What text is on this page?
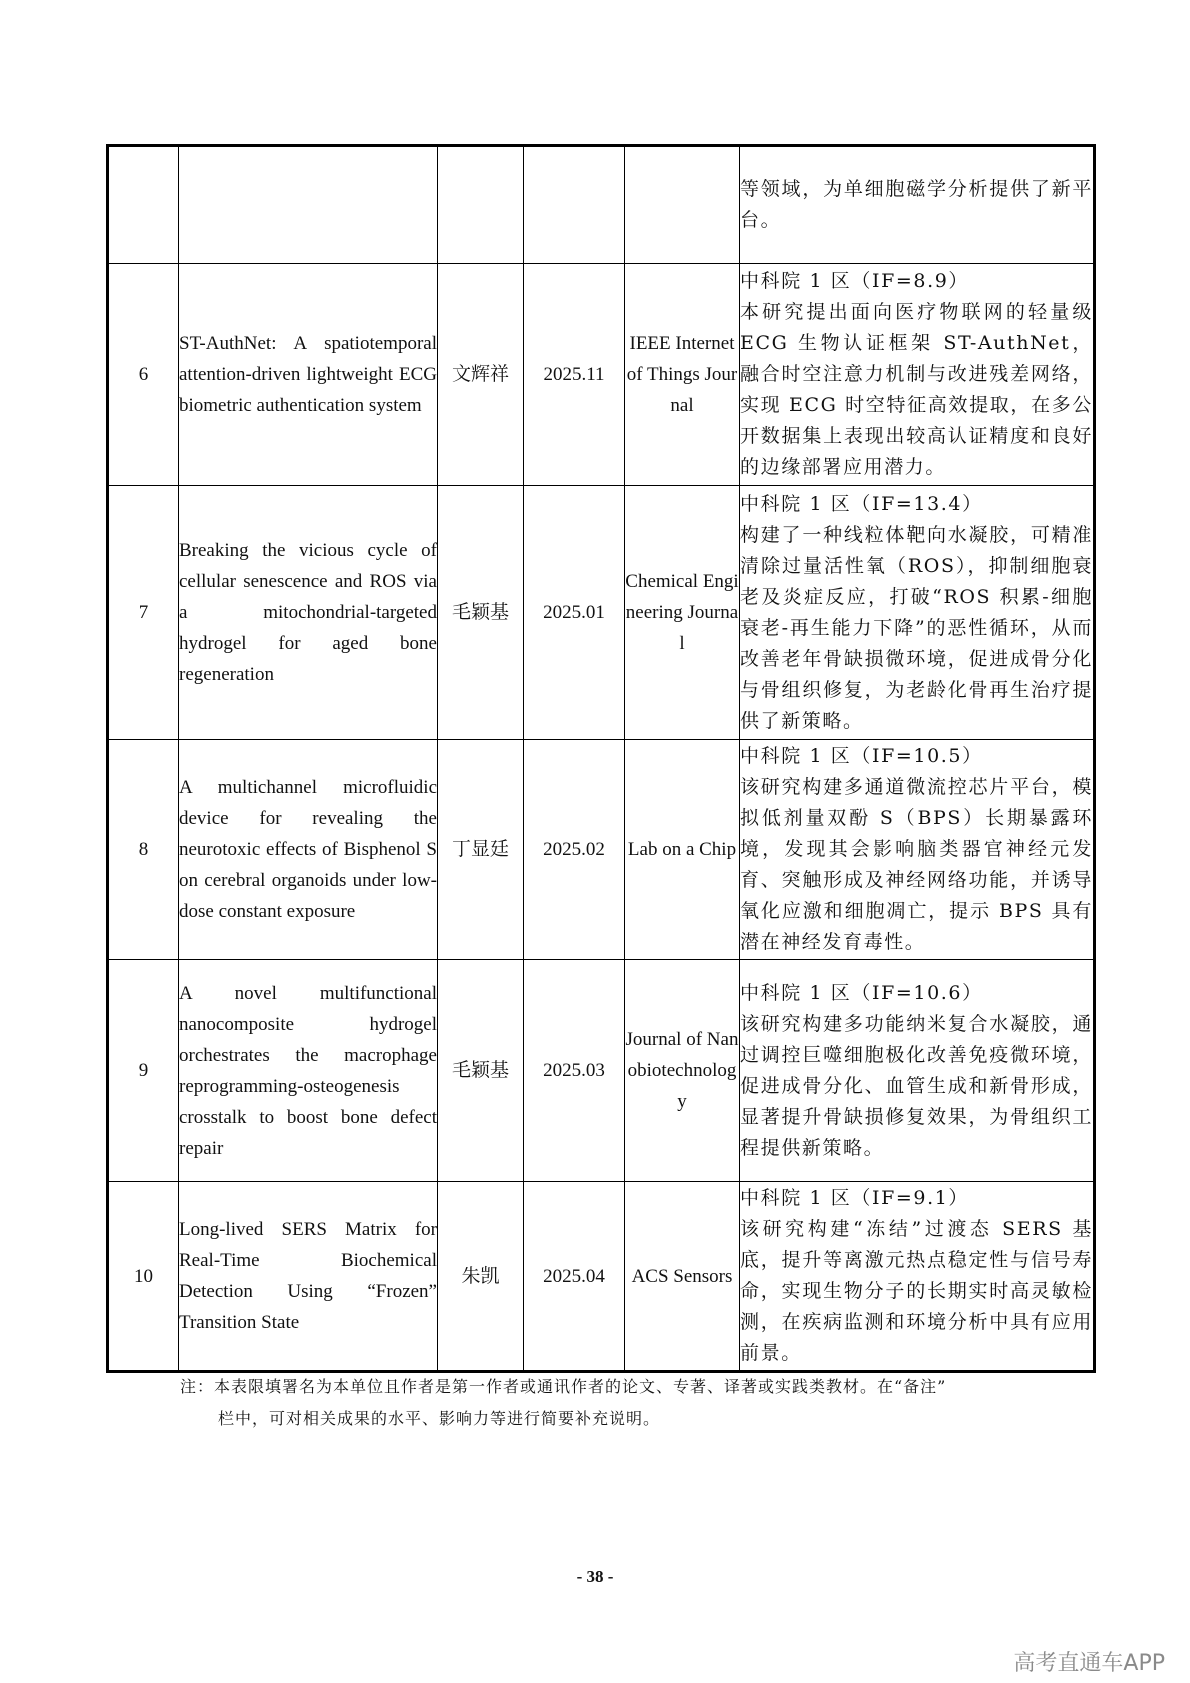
					等领域，为单细胞磁学分析提供了新平台。

6	ST-AuthNet: A spatiotemporal attention-driven lightweight ECG biometric authentication system	文辉祥	2025.11	IEEE Internet of Things Journal	中科院 1 区（IF=8.9）
本研究提出面向医疗物联网的轻量级 ECG 生物认证框架 ST-AuthNet，融合时空注意力机制与改进残差网络，实现 ECG 时空特征高效提取，在多公开数据集上表现出较高认证精度和良好的边缘部署应用潜力。

7	Breaking the vicious cycle of cellular senescence and ROS via a mitochondrial-targeted hydrogel for aged bone regeneration	毛颖基	2025.01	Chemical Engineering Journal	中科院 1 区（IF=13.4）
构建了一种线粒体靶向水凝胶，可精准清除过量活性氧（ROS），抑制细胞衰老及炎症反应，打破“ROS 积累-细胞衰老-再生能力下降”的恶性循环，从而改善老年骨缺损微环境，促进成骨分化与骨组织修复，为老龄化骨再生治疗提供了新策略。

8	A multichannel microfluidic device for revealing the neurotoxic effects of Bisphenol S on cerebral organoids under low-dose constant exposure	丁显廷	2025.02	Lab on a Chip	中科院 1 区（IF=10.5）
该研究构建多通道微流控芯片平台，模拟低剂量双酚 S（BPS）长期暴露环境，发现其会影响脑类器官神经元发育、突触形成及神经网络功能，并诱导氧化应激和细胞凋亡，提示 BPS 具有潜在神经发育毒性。

9	A novel multifunctional nanocomposite hydrogel orchestrates the macrophage reprogramming-osteogenesis crosstalk to boost bone defect repair	毛颖基	2025.03	Journal of Nanobiotechnology	中科院 1 区（IF=10.6）
该研究构建多功能纳米复合水凝胶，通过调控巨噬细胞极化改善免疫微环境，促进成骨分化、血管生成和新骨形成，显著提升骨缺损修复效果，为骨组织工程提供新策略。

10	Long-lived SERS Matrix for Real-Time Biochemical Detection Using “Frozen” Transition State	朱凯	2025.04	ACS Sensors	中科院 1 区（IF=9.1）
该研究构建“冻结”过渡态 SERS 基底，提升等离激元热点稳定性与信号寿命，实现生物分子的长期实时高灵敏检测，在疾病监测和环境分析中具有应用前景。
注：本表限填署名为本单位且作者是第一作者或通讯作者的论文、专著、译著或实践类教材。在“备注”
栏中，可对相关成果的水平、影响力等进行简要补充说明。
- 38 -
高考直通车APP
